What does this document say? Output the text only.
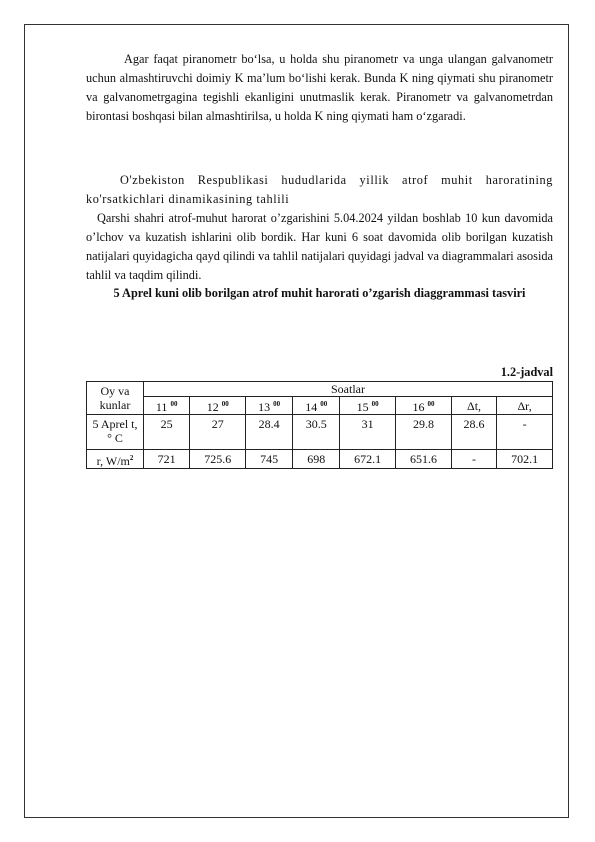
Agar faqat piranometr bo‘lsa, u holda shu piranometr va unga ulangan galvanometr uchun almashtiruvchi doimiy K ma’lum bo‘lishi kerak. Bunda K ning qiymati shu piranometr va galvanometrgagina tegishli ekanligini unutmaslik kerak. Piranometr va galvanometrdan birontasi boshqasi bilan almashtirilsa, u holda K ning qiymati ham o‘zgaradi.

O'zbekiston Respublikasi hududlarida yillik atrof muhit haroratining ko'rsatkichlari dinamikasining tahlili

Qarshi shahri atrof-muhut harorat o’zgarishini 5.04.2024 yildan boshlab 10 kun davomida o’lchov va kuzatish ishlarini olib bordik. Har kuni 6 soat davomida olib borilgan kuzatish natijalari quyidagicha qayd qilindi va tahlil natijalari quyidagi jadval va diagrammalari asosida tahlil va taqdim qilindi.

5 Aprel kuni olib borilgan atrof muhit harorati o’zgarish diaggrammasi tasviri
1.2-jadval
Oy va kunlar	Soatlar							
	11 $^{00}$	12 $^{00}$	13 $^{00}$	14 $^{00}$	15 $^{00}$	16 $^{00}$	Δt,	Δr,
5 Aprel t, ° C	25	27	28.4	30.5	31	29.8	28.6	-
r, $W/m^2$	721	725.6	745	698	672.1	651.6	-	702.1
